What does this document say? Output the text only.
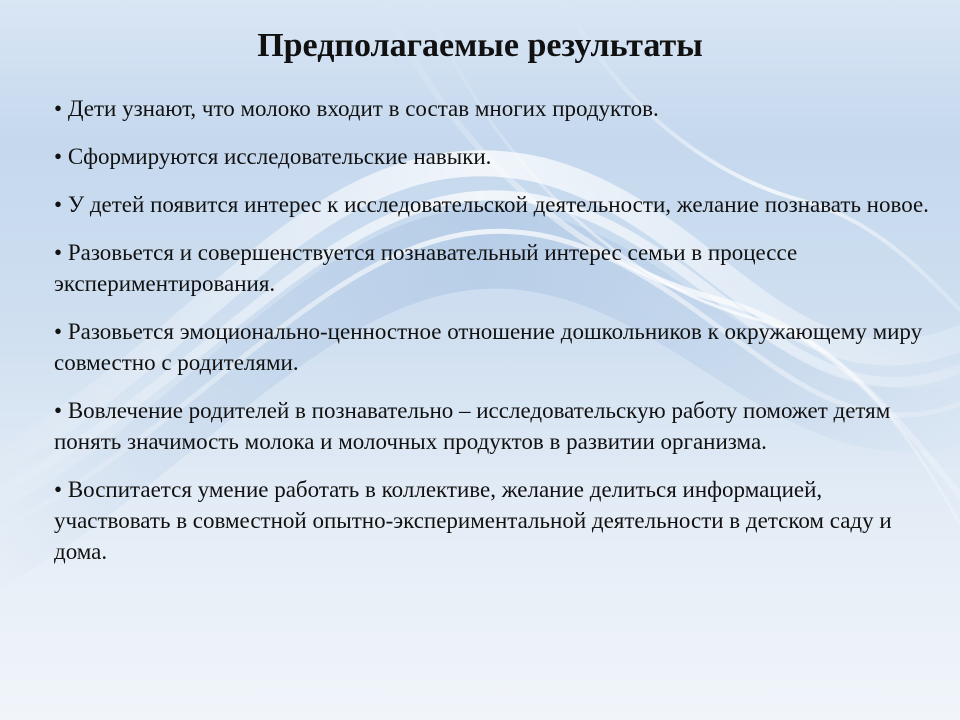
Предполагаемые результаты
• Дети узнают, что молоко входит в состав многих продуктов.
• Сформируются исследовательские навыки.
• У детей появится интерес к исследовательской деятельности, желание познавать новое.
• Разовьется и совершенствуется познавательный интерес семьи в процессе экспериментирования.
• Разовьется эмоционально-ценностное отношение дошкольников к окружающему миру совместно с родителями.
• Вовлечение родителей в познавательно – исследовательскую работу поможет детям понять значимость молока и молочных продуктов в развитии организма.
• Воспитается умение работать в коллективе, желание делиться информацией, участвовать в совместной опытно-экспериментальной деятельности в детском саду и дома.
